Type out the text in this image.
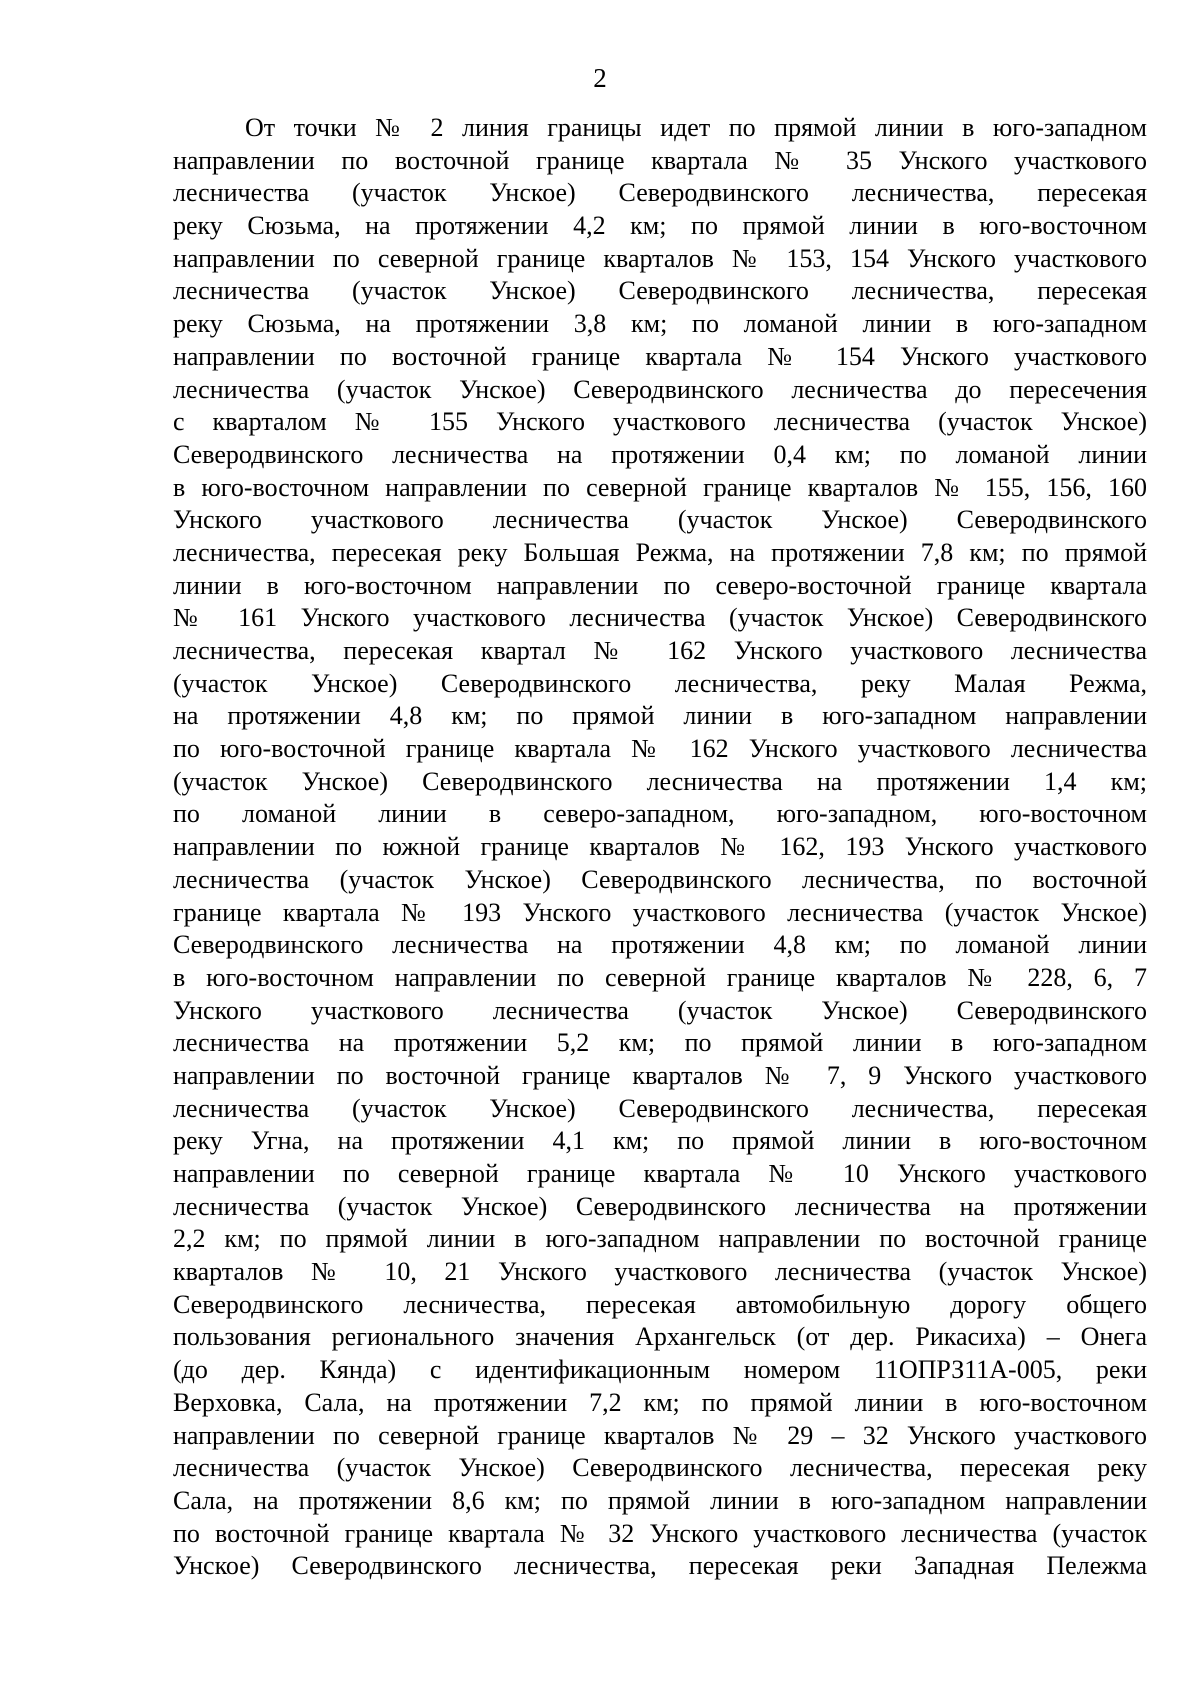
2
От точки № 2 линия границы идет по прямой линии в юго-западном
направлении по восточной границе квартала № 35 Унского участкового
лесничества (участок Унское) Северодвинского лесничества, пересекая
реку Сюзьма, на протяжении 4,2 км; по прямой линии в юго-восточном
направлении по северной границе кварталов № 153, 154 Унского участкового
лесничества (участок Унское) Северодвинского лесничества, пересекая
реку Сюзьма, на протяжении 3,8 км; по ломаной линии в юго-западном
направлении по восточной границе квартала № 154 Унского участкового
лесничества (участок Унское) Северодвинского лесничества до пересечения
с кварталом № 155 Унского участкового лесничества (участок Унское)
Северодвинского лесничества на протяжении 0,4 км; по ломаной линии
в юго-восточном направлении по северной границе кварталов № 155, 156, 160
Унского участкового лесничества (участок Унское) Северодвинского
лесничества, пересекая реку Большая Режма, на протяжении 7,8 км; по прямой
линии в юго-восточном направлении по северо-восточной границе квартала
№ 161 Унского участкового лесничества (участок Унское) Северодвинского
лесничества, пересекая квартал № 162 Унского участкового лесничества
(участок Унское) Северодвинского лесничества, реку Малая Режма,
на протяжении 4,8 км; по прямой линии в юго-западном направлении
по юго-восточной границе квартала № 162 Унского участкового лесничества
(участок Унское) Северодвинского лесничества на протяжении 1,4 км;
по ломаной линии в северо-западном, юго-западном, юго-восточном
направлении по южной границе кварталов № 162, 193 Унского участкового
лесничества (участок Унское) Северодвинского лесничества, по восточной
границе квартала № 193 Унского участкового лесничества (участок Унское)
Северодвинского лесничества на протяжении 4,8 км; по ломаной линии
в юго-восточном направлении по северной границе кварталов № 228, 6, 7
Унского участкового лесничества (участок Унское) Северодвинского
лесничества на протяжении 5,2 км; по прямой линии в юго-западном
направлении по восточной границе кварталов № 7, 9 Унского участкового
лесничества (участок Унское) Северодвинского лесничества, пересекая
реку Угна, на протяжении 4,1 км; по прямой линии в юго-восточном
направлении по северной границе квартала № 10 Унского участкового
лесничества (участок Унское) Северодвинского лесничества на протяжении
2,2 км; по прямой линии в юго-западном направлении по восточной границе
кварталов № 10, 21 Унского участкового лесничества (участок Унское)
Северодвинского лесничества, пересекая автомобильную дорогу общего
пользования регионального значения Архангельск (от дер. Рикасиха) – Онега
(до дер. Кянда) с идентификационным номером 11ОПРЗ11А-005, реки
Верховка, Сала, на протяжении 7,2 км; по прямой линии в юго-восточном
направлении по северной границе кварталов № 29 – 32 Унского участкового
лесничества (участок Унское) Северодвинского лесничества, пересекая реку
Сала, на протяжении 8,6 км; по прямой линии в юго-западном направлении
по восточной границе квартала № 32 Унского участкового лесничества (участок
Унское) Северодвинского лесничества, пересекая реки Западная Пележма
